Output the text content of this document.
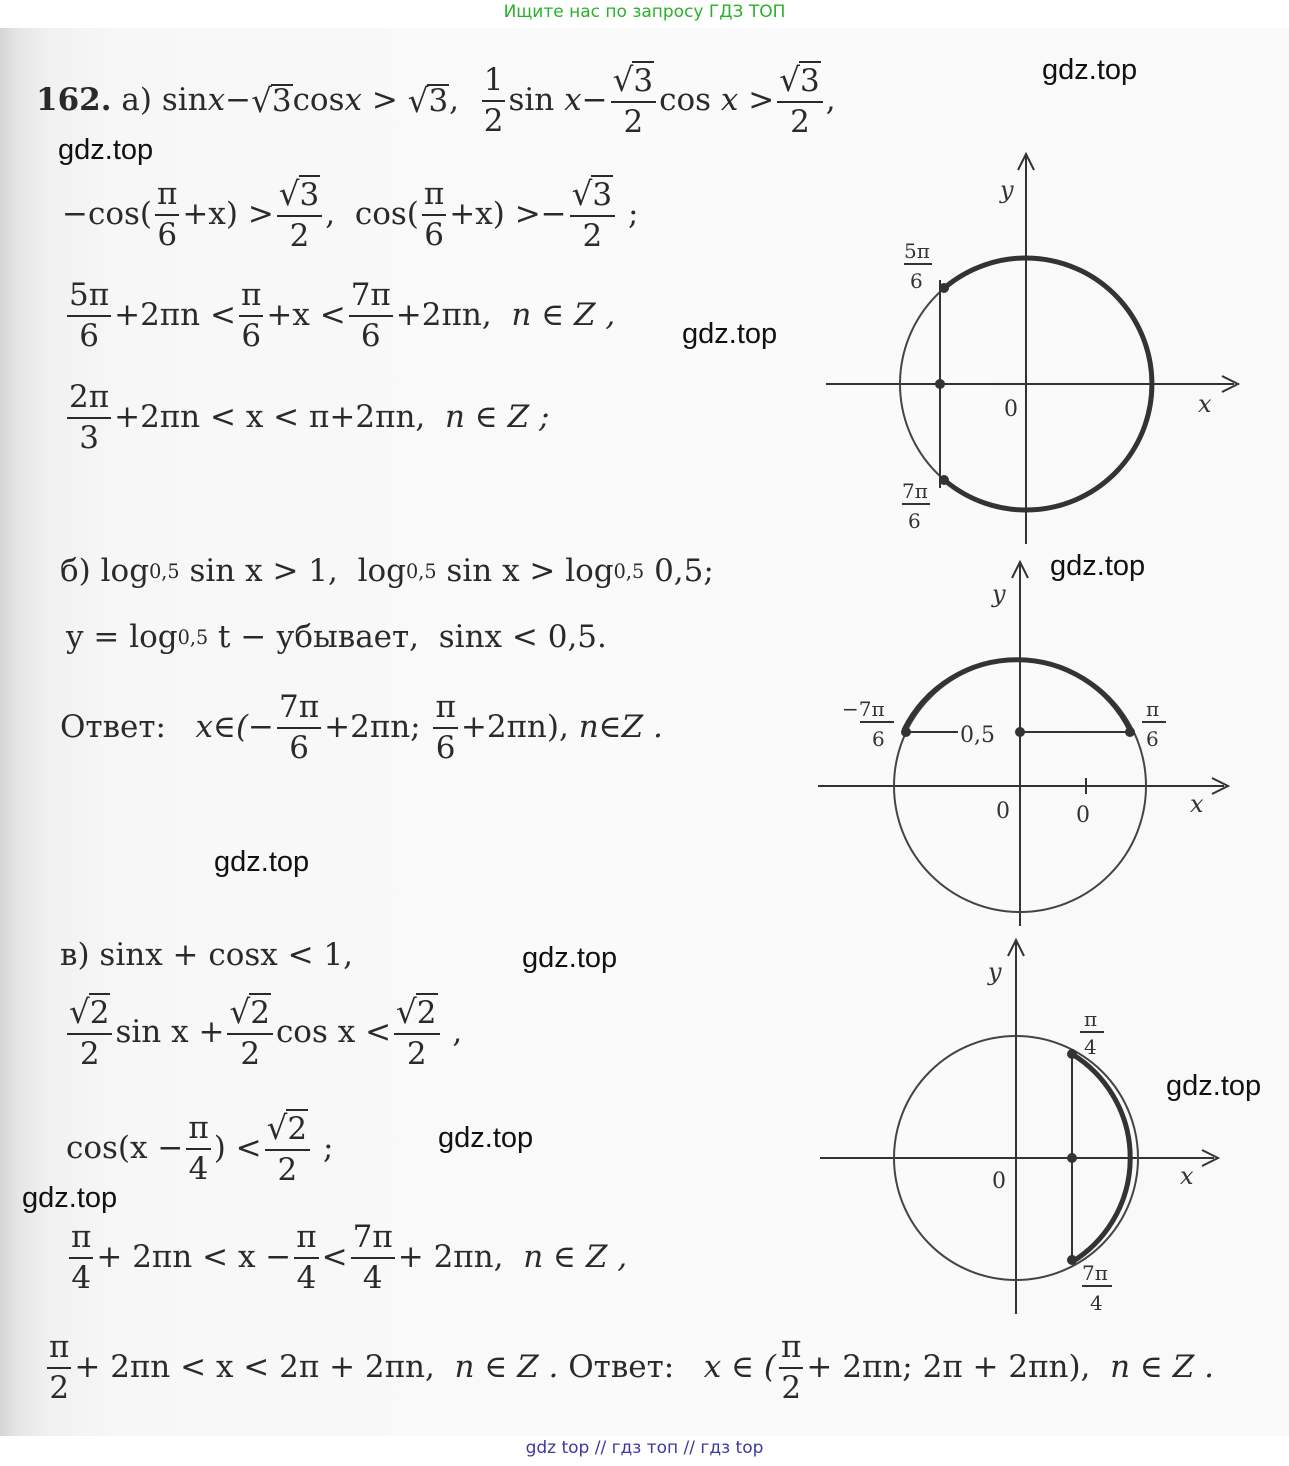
Ищите нас по запросу ГДЗ ТОП
gdz.top
gdz.top
gdz.top
gdz.top
gdz.top
gdz.top
gdz.top
gdz.top
gdz.top
162.
а)
sin x − √ 3 cos x
>
√ 3 ,
$\frac{1}{2}$ sin
$x - \frac{√3}{2}$ cos
x
> $\frac{√3}{2}$ ,
$-\cos( \frac{\pi}{6} +x)$
> $\frac{√3}{2}$ ,
$\cos( \frac{\pi}{6} +x)$
>− $\frac{√3}{2}$
;
$\frac{5\pi}{6} +2\pi n$
< $\frac{\pi}{6} +x$
< $\frac{7\pi}{6} +2\pi n$,
n ∈ Z ,
$\frac{2\pi}{3} +2\pi n < x < \pi+2\pi n$,
n ∈ Z ;
б)
log 0,5
sin x > 1,
log 0,5
sin x > log 0,5
0,5;
y = log 0,5
t − убывает,
sinx < 0,5.
Ответ:
x∈(− $\frac{7\pi}{6} +2\pi n$;
$\frac{\pi}{6} +2\pi n$),
n∈Z .
в)
sinx + cosx < 1,
$\frac{√2}{2}$ $\sin x + \frac{√2}{2}$ $\cos x < \frac{√2}{2}$
,
$\cos(x - \frac{\pi}{4}$ ) < $\frac{√2}{2}$
;
$\frac{\pi}{4} + 2\pi n < x - \frac{\pi}{4} < \frac{7\pi}{4} + 2\pi n$,
n ∈ Z ,
$\frac{\pi}{2} + 2\pi n < x < 2\pi + 2\pi n$,
n ∈ Z .
Ответ:
x ∈ ( $\frac{\pi}{2} + 2\pi n$; 2π + 2πn),
n ∈ Z .
y
x
0
5π
6
7π
6
0,5
y
x
0	0
−7π
6
π
6
y
x
0
π
4
7π
4
gdz top // гдз топ // гдз top
